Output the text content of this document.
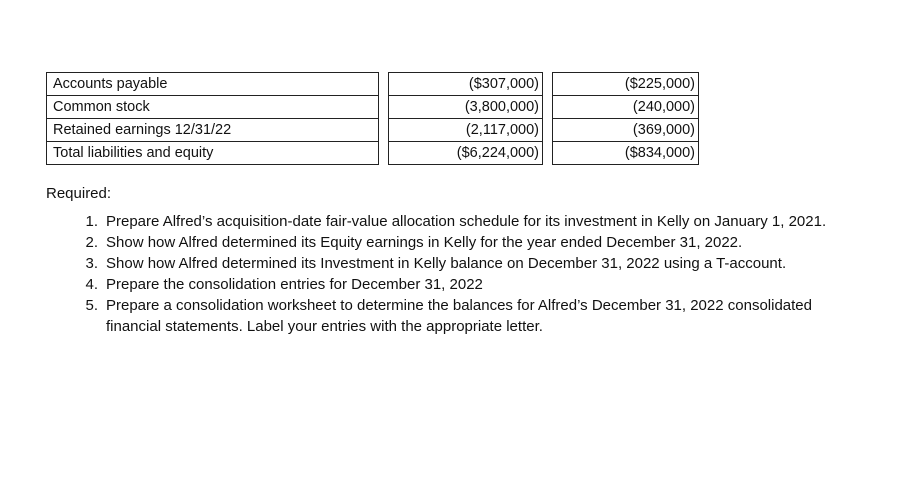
Accounts payable		($307,000)		($225,000)
Common stock		(3,800,000)		(240,000)
Retained earnings 12/31/22		(2,117,000)		(369,000)
Total liabilities and equity		($6,224,000)		($834,000)
Required:
1. Prepare Alfred’s acquisition-date fair-value allocation schedule for its investment in Kelly on January 1, 2021.
2. Show how Alfred determined its Equity earnings in Kelly for the year ended December 31, 2022.
3. Show how Alfred determined its Investment in Kelly balance on December 31, 2022 using a T-account.
4. Prepare the consolidation entries for December 31, 2022
5. Prepare a consolidation worksheet to determine the balances for Alfred’s December 31, 2022 consolidated financial statements. Label your entries with the appropriate letter.
